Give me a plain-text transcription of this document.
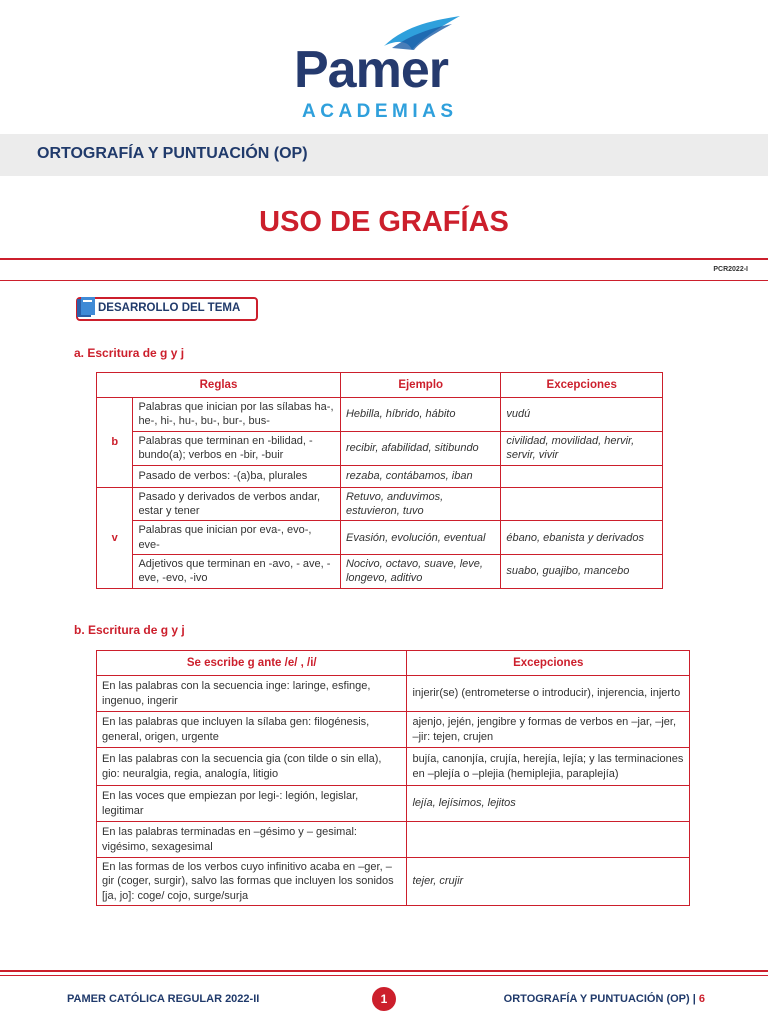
Pamer
ACADEMIAS
ORTOGRAFÍA Y PUNTUACIÓN (OP)
USO DE GRAFÍAS
PCR2022-I
DESARROLLO DEL TEMA
a. Escritura de g y j
Reglas		Ejemplo	Excepciones
b	Palabras que inician por las sílabas ha-, he-, hi-, hu-, bu-, bur-, bus-	Hebilla, híbrido, hábito	vudú
	Palabras que terminan en -bilidad, -bundo(a); verbos en -bir, -buir	recibir, afabilidad, sitibundo	civilidad, movilidad, hervir, servir, vivir
	Pasado de verbos: -(a)ba, plurales	rezaba, contábamos, iban	
v	Pasado y derivados de verbos andar, estar y tener	Retuvo, anduvimos, estuvieron, tuvo	
	Palabras que inician por eva-, evo-, eve-	Evasión, evolución, eventual	ébano, ebanista y derivados
	Adjetivos que terminan en -avo, - ave, -eve, -evo, -ivo	Nocivo, octavo, suave, leve, longevo, aditivo	suabo, guajibo, mancebo
b. Escritura de g y j
Se escribe g ante /e/ , /i/	Excepciones
En las palabras con la secuencia inge: laringe, esfinge, ingenuo, ingerir	injerir(se) (entrometerse o introducir), injerencia, injerto
En las palabras que incluyen la sílaba gen: filogénesis, general, origen, urgente	ajenjo, jején, jengibre y formas de verbos en –jar, –jer, –jir: tejen, crujen
En las palabras con la secuencia gia (con tilde o sin ella), gio: neuralgia, regia, analogía, litigio	bujía, canonjía, crujía, herejía, lejía; y las terminaciones en –plejía o –plejia (hemiplejia, paraplejía)
En las voces que empiezan por legi-: legión, legislar, legitimar	lejía, lejísimos, lejitos
En las palabras terminadas en –gésimo y – gesimal: vigésimo, sexagesimal	
En las formas de los verbos cuyo infinitivo acaba en –ger, –gir (coger, surgir), salvo las formas que incluyen los sonidos [ja, jo]: coge/ cojo, surge/surja	tejer, crujir
PAMER CATÓLICA REGULAR 2022-II	1	ORTOGRAFÍA Y PUNTUACIÓN (OP) | 6
